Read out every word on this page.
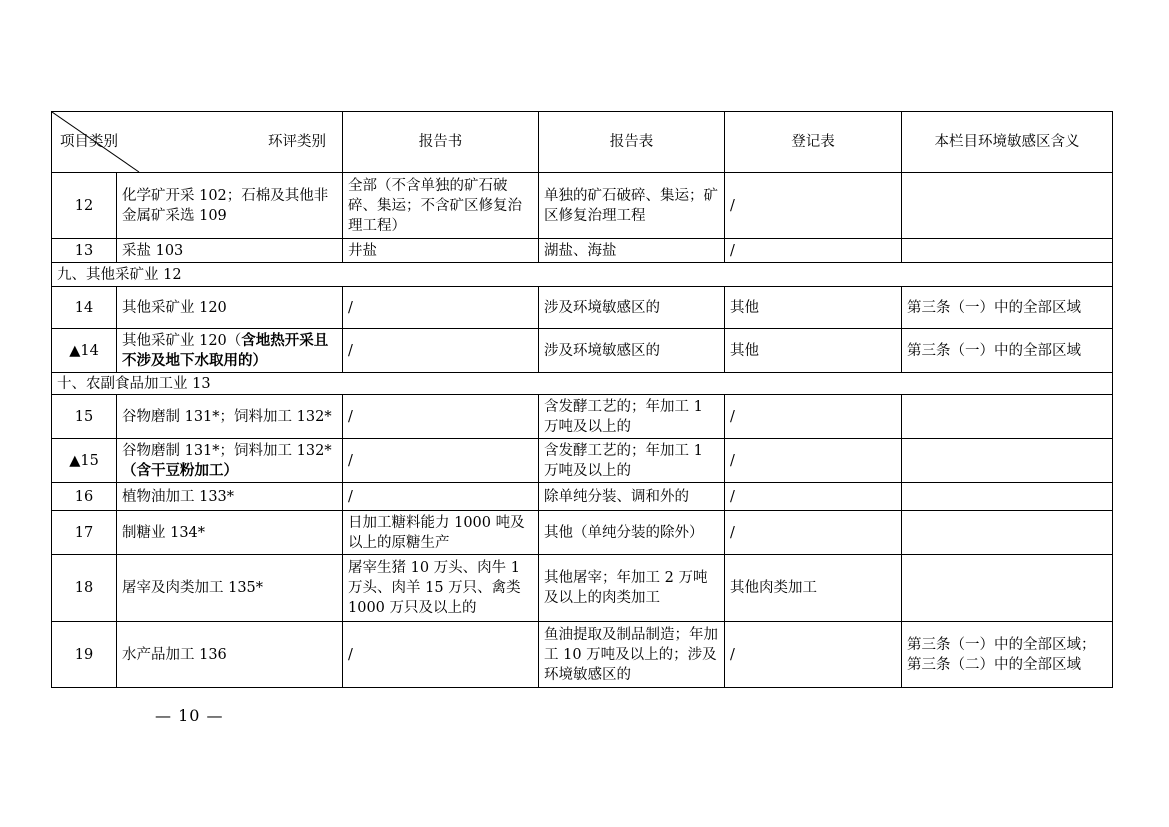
项目类别 环评类别		报告书	报告表	登记表	本栏目环境敏感区含义
12	化学矿开采 102；石棉及其他非金属矿采选 109	全部（不含单独的矿石破碎、集运；不含矿区修复治理工程）	单独的矿石破碎、集运；矿区修复治理工程	/	
13	采盐 103	井盐	湖盐、海盐	/	
九、其他采矿业 12					
14	其他采矿业 120	/	涉及环境敏感区的	其他	第三条（一）中的全部区域
▲14	其他采矿业 120（含地热开采且不涉及地下水取用的）	/	涉及环境敏感区的	其他	第三条（一）中的全部区域
十、农副食品加工业 13					
15	谷物磨制 131*；饲料加工 132*	/	含发酵工艺的；年加工 1 万吨及以上的	/	
▲15	谷物磨制 131*；饲料加工 132*（含干豆粉加工）	/	含发酵工艺的；年加工 1 万吨及以上的	/	
16	植物油加工 133*	/	除单纯分装、调和外的	/	
17	制糖业 134*	日加工糖料能力 1000 吨及以上的原糖生产	其他（单纯分装的除外）	/	
18	屠宰及肉类加工 135*	屠宰生猪 10 万头、肉牛 1 万头、肉羊 15 万只、禽类 1000 万只及以上的	其他屠宰；年加工 2 万吨及以上的肉类加工	其他肉类加工	
19	水产品加工 136	/	鱼油提取及制品制造；年加工 10 万吨及以上的；涉及环境敏感区的	/	第三条（一）中的全部区域；第三条（二）中的全部区域
— 10 —
